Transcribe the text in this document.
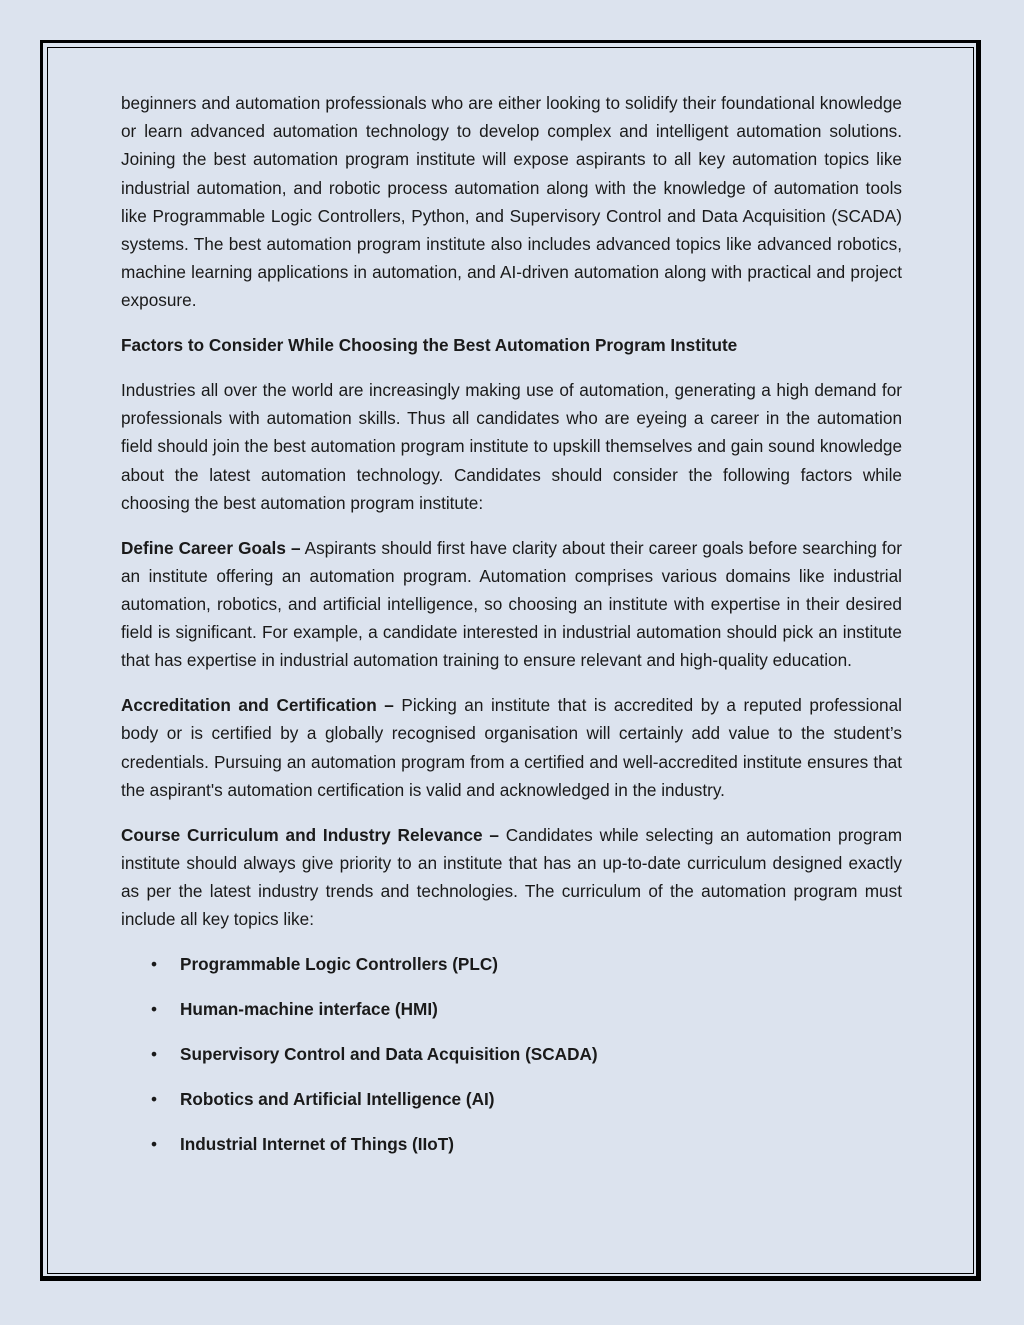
beginners and automation professionals who are either looking to solidify their foundational knowledge or learn advanced automation technology to develop complex and intelligent automation solutions. Joining the best automation program institute will expose aspirants to all key automation topics like industrial automation, and robotic process automation along with the knowledge of automation tools like Programmable Logic Controllers, Python, and Supervisory Control and Data Acquisition (SCADA) systems. The best automation program institute also includes advanced topics like advanced robotics, machine learning applications in automation, and AI-driven automation along with practical and project exposure.

Factors to Consider While Choosing the Best Automation Program Institute

Industries all over the world are increasingly making use of automation, generating a high demand for professionals with automation skills. Thus all candidates who are eyeing a career in the automation field should join the best automation program institute to upskill themselves and gain sound knowledge about the latest automation technology. Candidates should consider the following factors while choosing the best automation program institute:

Define Career Goals – Aspirants should first have clarity about their career goals before searching for an institute offering an automation program. Automation comprises various domains like industrial automation, robotics, and artificial intelligence, so choosing an institute with expertise in their desired field is significant. For example, a candidate interested in industrial automation should pick an institute that has expertise in industrial automation training to ensure relevant and high-quality education.

Accreditation and Certification – Picking an institute that is accredited by a reputed professional body or is certified by a globally recognised organisation will certainly add value to the student’s credentials. Pursuing an automation program from a certified and well-accredited institute ensures that the aspirant's automation certification is valid and acknowledged in the industry.

Course Curriculum and Industry Relevance – Candidates while selecting an automation program institute should always give priority to an institute that has an up-to-date curriculum designed exactly as per the latest industry trends and technologies. The curriculum of the automation program must include all key topics like:

• Programmable Logic Controllers (PLC)
• Human-machine interface (HMI)
• Supervisory Control and Data Acquisition (SCADA)
• Robotics and Artificial Intelligence (AI)
• Industrial Internet of Things (IIoT)
